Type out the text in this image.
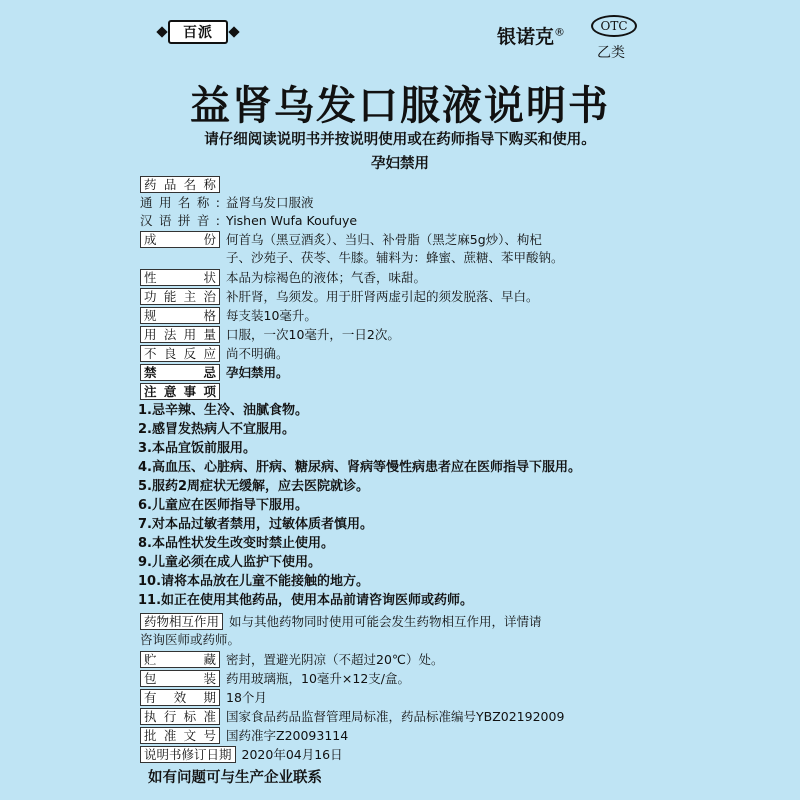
百派	银诺克®	OTC
乙类
益肾乌发口服液说明书
请仔细阅读说明书并按说明使用或在药师指导下购买和使用。
孕妇禁用
药品名称
通用名称: 益肾乌发口服液
汉语拼音: Yishen Wufa Koufuye
成　份 何首乌（黑豆酒炙）、当归、补骨脂（黑芝麻5g炒）、枸杞
子、沙苑子、茯苓、牛膝。辅料为：蜂蜜、蔗糖、苯甲酸钠。
性　状 本品为棕褐色的液体；气香，味甜。
功能主治 补肝肾，乌须发。用于肝肾两虚引起的须发脱落、早白。
规　格 每支装10毫升。
用法用量 口服，一次10毫升，一日2次。
不良反应 尚不明确。
禁　忌 孕妇禁用。
注意事项
1.忌辛辣、生冷、油腻食物。
2.感冒发热病人不宜服用。
3.本品宜饭前服用。
4.高血压、心脏病、肝病、糖尿病、肾病等慢性病患者应在医师指导下服用。
5.服药2周症状无缓解，应去医院就诊。
6.儿童应在医师指导下服用。
7.对本品过敏者禁用，过敏体质者慎用。
8.本品性状发生改变时禁止使用。
9.儿童必须在成人监护下使用。
10.请将本品放在儿童不能接触的地方。
11.如正在使用其他药品，使用本品前请咨询医师或药师。
药物相互作用 如与其他药物同时使用可能会发生药物相互作用，详情请
咨询医师或药师。
贮　藏 密封，置避光阴凉（不超过20℃）处。
包　装 药用玻璃瓶，10毫升×12支/盒。
有效期 18个月
执行标准 国家食品药品监督管理局标准，药品标准编号YBZ02192009
批准文号 国药准字Z20093114
说明书修订日期 2020年04月16日
如有问题可与生产企业联系
